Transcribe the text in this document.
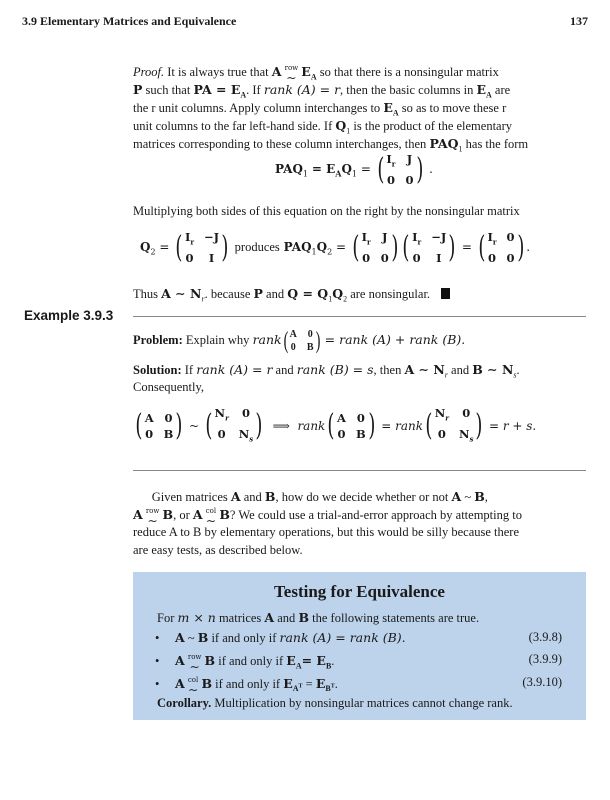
3.9 Elementary Matrices and Equivalence	137
Proof. It is always true that A row
∼ $E_A$ so that there is a nonsingular matrix
P such that PA = $E_A$. If rank (A) = r, then the basic columns in $E_A$ are
the r unit columns. Apply column interchanges to $E_A$ so as to move these r
unit columns to the far left-hand side. If $Q_1$ is the product of the elementary
matrices corresponding to these column interchanges, then $PAQ_1$ has the form
$PAQ_1 = E_AQ_1$ = ( $I_r$ J
0 0 ) .
Multiplying both sides of this equation on the right by the nonsingular matrix
$Q_2$ = ( $I_r -J$
0	I ) produces $PAQ_1Q_2$ = ( $I_r$ J
0 0 ) ( $I_r -J$
0	I ) = ( $I_r$ 0
0 0 ) .
Thus A ∼ $N_r$. because P and $Q = Q_1Q_2$ are nonsingular.
Example 3.9.3
Problem: Explain why rank ( A 0
0 B ) = rank (A) + rank (B).
Solution: If rank (A) = r and rank (B) = s, then A ∼ $N_r$ and B ∼ $N_s$.
Consequently,
( A 0
0 B ) ~ ( $N_r$ 0
0 $N_s$ ) ⟹ rank ( A 0
0 B ) = rank ( $N_r$ 0
0 $N_s$ ) = r + s.
Given matrices A and B, how do we decide whether or not A ~ B,
A row
∼ B, or A col
∼ B? We could use a trial-and-error approach by attempting to
reduce A to B by elementary operations, but this would be silly because there
are easy tests, as described below.
Testing for Equivalence
For m × n matrices A and B the following statements are true.
•     A ~ B if and only if rank (A) = rank (B).	(3.9.8)
•     A row
∼ B if and only if $E_A= E_B$.	(3.9.9)
•     A col
∼ B if and only if $E_{A^T} = E_{B^T}$.	(3.9.10)
Corollary. Multiplication by nonsingular matrices cannot change rank.
